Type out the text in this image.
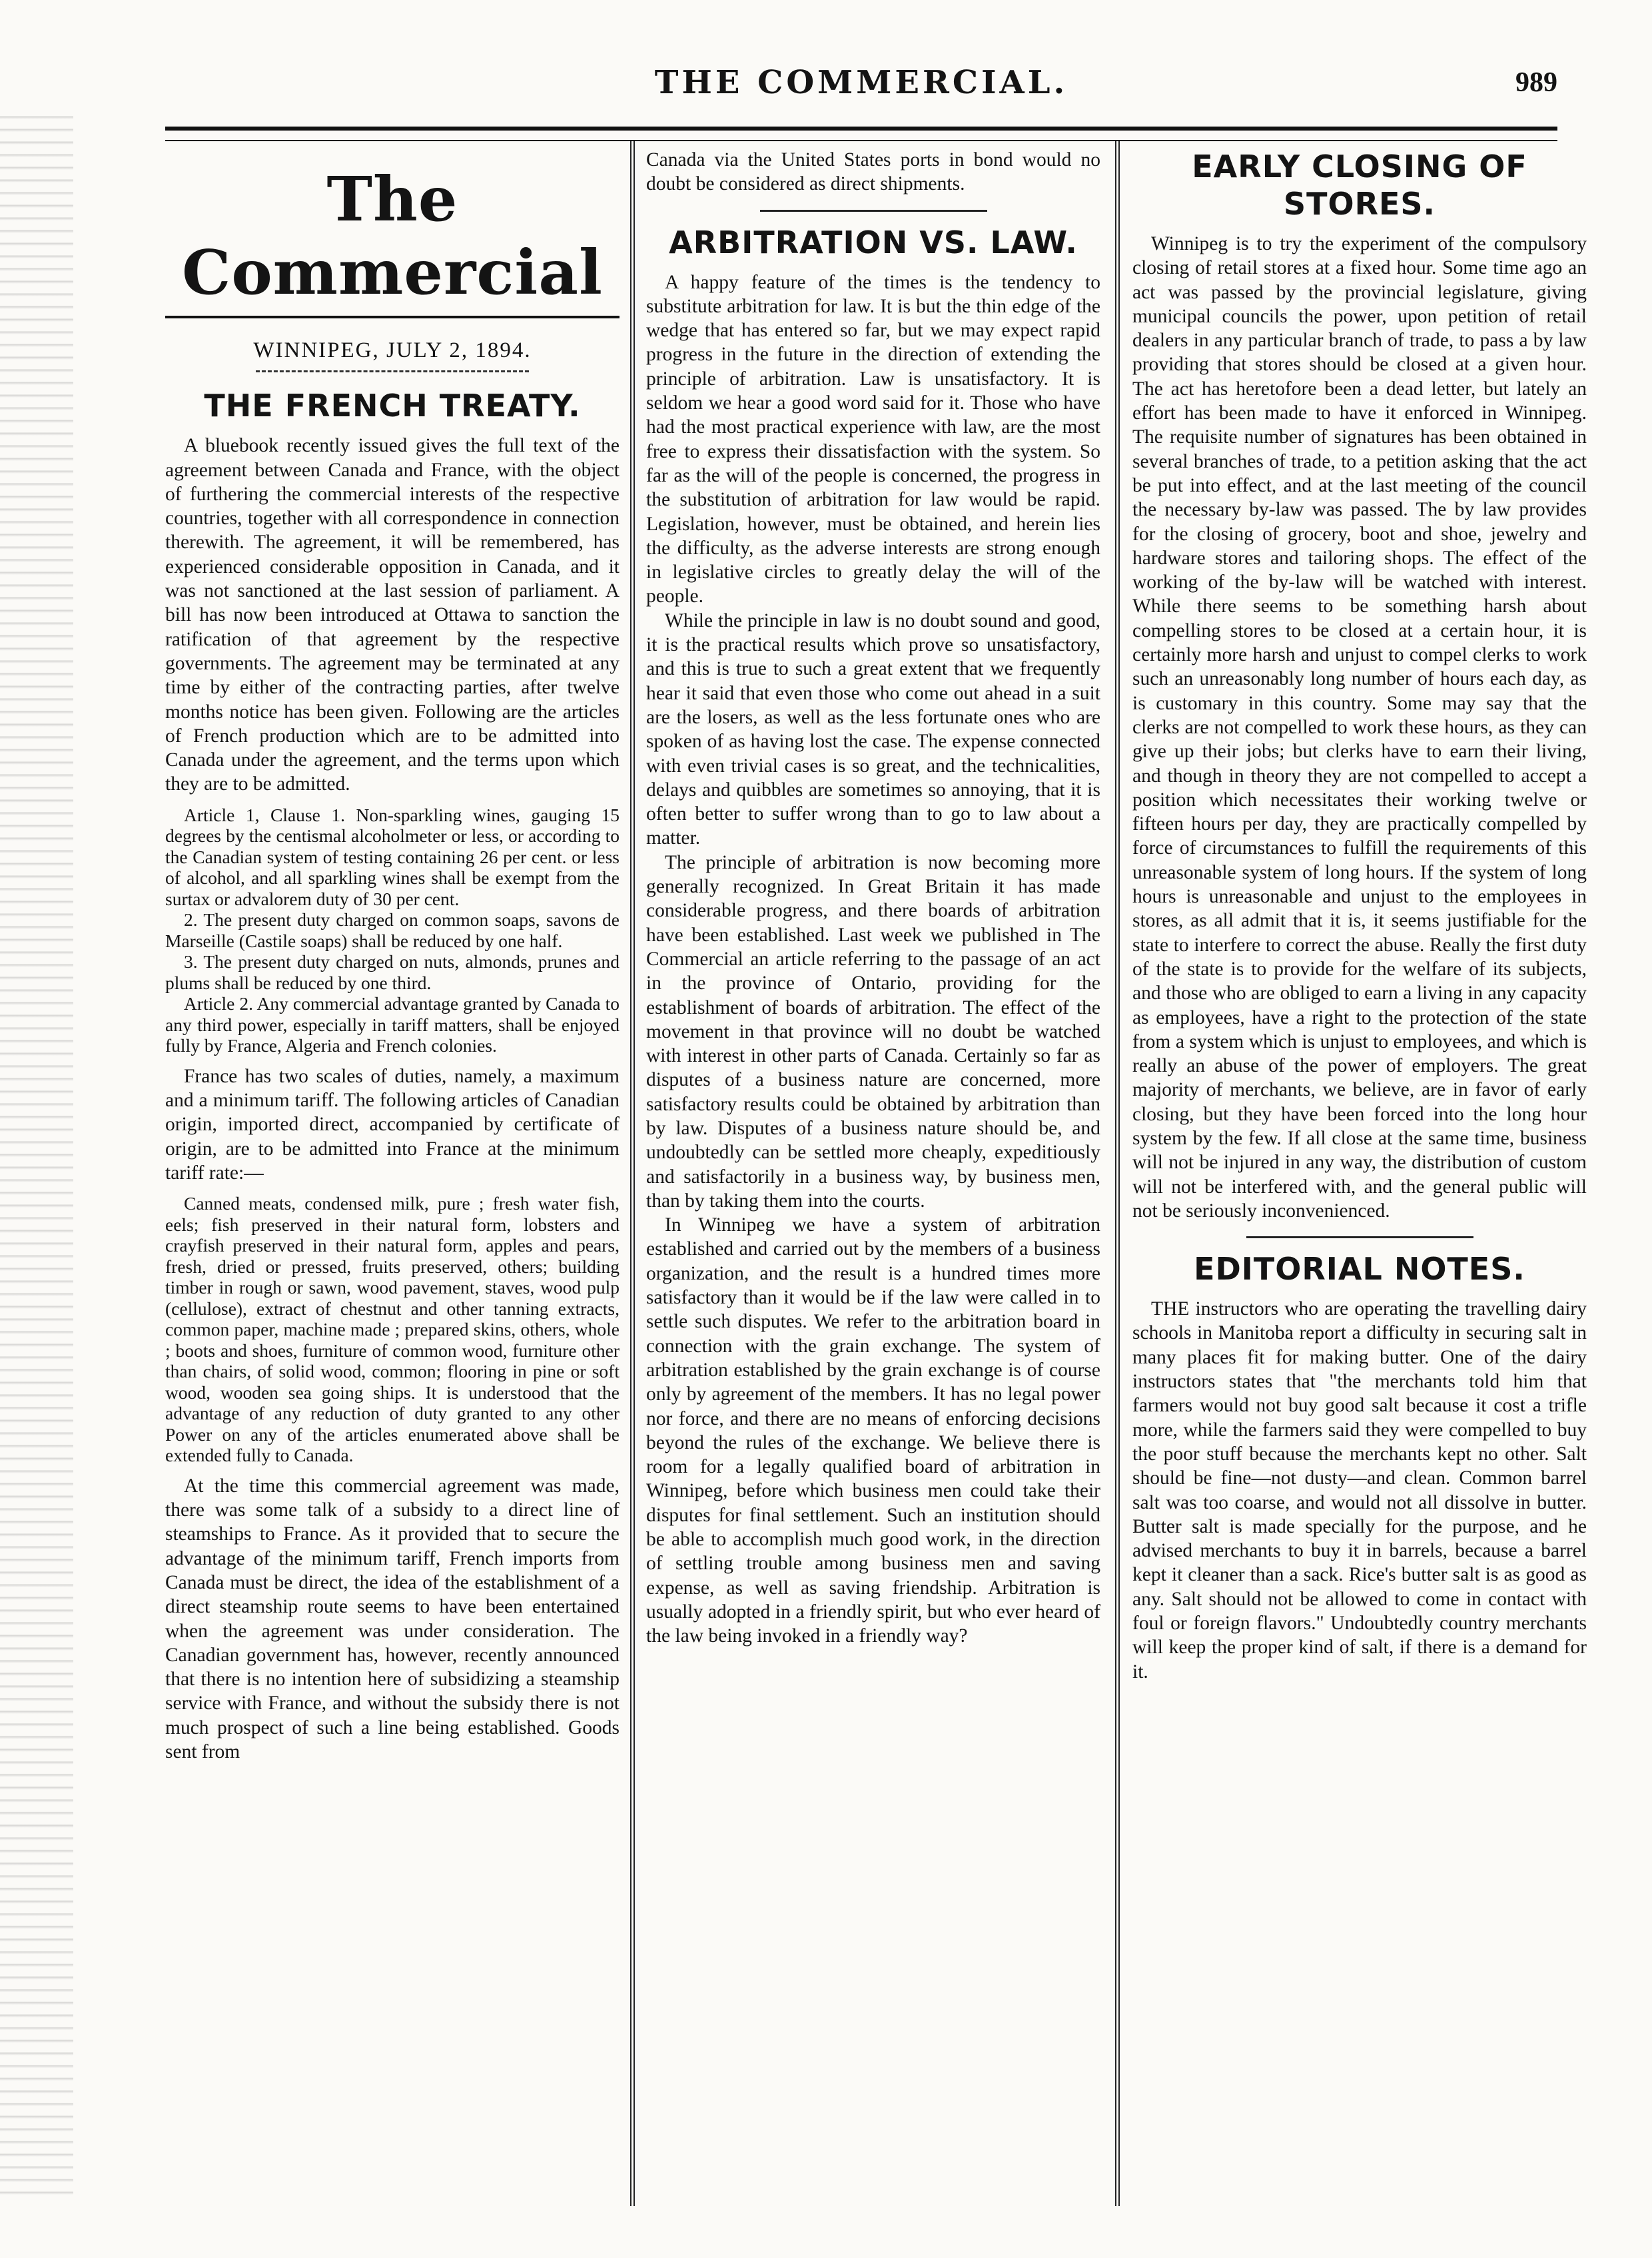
THE COMMERCIAL.	989
The Commercial
WINNIPEG, JULY 2, 1894.
THE FRENCH TREATY.

A bluebook recently issued gives the full text of the agreement between Canada and France, with the object of furthering the commercial interests of the respective countries, together with all correspondence in connection therewith. The agreement, it will be remembered, has experienced considerable opposition in Canada, and it was not sanctioned at the last session of parliament. A bill has now been introduced at Ottawa to sanction the ratification of that agreement by the respective governments. The agreement may be terminated at any time by either of the contracting parties, after twelve months notice has been given. Following are the articles of French production which are to be admitted into Canada under the agreement, and the terms upon which they are to be admitted.

Article 1, Clause 1. Non-sparkling wines, gauging 15 degrees by the centismal alcoholmeter or less, or according to the Canadian system of testing containing 26 per cent. or less of alcohol, and all sparkling wines shall be exempt from the surtax or advalorem duty of 30 per cent.

2. The present duty charged on common soaps, savons de Marseille (Castile soaps) shall be reduced by one half.

3. The present duty charged on nuts, almonds, prunes and plums shall be reduced by one third.

Article 2. Any commercial advantage granted by Canada to any third power, especially in tariff matters, shall be enjoyed fully by France, Algeria and French colonies.

France has two scales of duties, namely, a maximum and a minimum tariff. The following articles of Canadian origin, imported direct, accompanied by certificate of origin, are to be admitted into France at the minimum tariff rate:—

Canned meats, condensed milk, pure ; fresh water fish, eels; fish preserved in their natural form, lobsters and crayfish preserved in their natural form, apples and pears, fresh, dried or pressed, fruits preserved, others; building timber in rough or sawn, wood pavement, staves, wood pulp (cellulose), extract of chestnut and other tanning extracts, common paper, machine made ; prepared skins, others, whole ; boots and shoes, furniture of common wood, furniture other than chairs, of solid wood, common; flooring in pine or soft wood, wooden sea going ships. It is understood that the advantage of any reduction of duty granted to any other Power on any of the articles enumerated above shall be extended fully to Canada.

At the time this commercial agreement was made, there was some talk of a subsidy to a direct line of steamships to France. As it provided that to secure the advantage of the minimum tariff, French imports from Canada must be direct, the idea of the establishment of a direct steamship route seems to have been entertained when the agreement was under consideration. The Canadian government has, however, recently announced that there is no intention here of subsidizing a steamship service with France, and without the subsidy there is not much prospect of such a line being established. Goods sent from

Canada via the United States ports in bond would no doubt be considered as direct shipments.

ARBITRATION VS. LAW.

A happy feature of the times is the tendency to substitute arbitration for law. It is but the thin edge of the wedge that has entered so far, but we may expect rapid progress in the future in the direction of extending the principle of arbitration. Law is unsatisfactory. It is seldom we hear a good word said for it. Those who have had the most practical experience with law, are the most free to express their dissatisfaction with the system. So far as the will of the people is concerned, the progress in the substitution of arbitration for law would be rapid. Legislation, however, must be obtained, and herein lies the difficulty, as the adverse interests are strong enough in legislative circles to greatly delay the will of the people.

While the principle in law is no doubt sound and good, it is the practical results which prove so unsatisfactory, and this is true to such a great extent that we frequently hear it said that even those who come out ahead in a suit are the losers, as well as the less fortunate ones who are spoken of as having lost the case. The expense connected with even trivial cases is so great, and the technicalities, delays and quibbles are sometimes so annoying, that it is often better to suffer wrong than to go to law about a matter.

The principle of arbitration is now becoming more generally recognized. In Great Britain it has made considerable progress, and there boards of arbitration have been established. Last week we published in The Commercial an article referring to the passage of an act in the province of Ontario, providing for the establishment of boards of arbitration. The effect of the movement in that province will no doubt be watched with interest in other parts of Canada. Certainly so far as disputes of a business nature are concerned, more satisfactory results could be obtained by arbitration than by law. Disputes of a business nature should be, and undoubtedly can be settled more cheaply, expeditiously and satisfactorily in a business way, by business men, than by taking them into the courts.

In Winnipeg we have a system of arbitration established and carried out by the members of a business organization, and the result is a hundred times more satisfactory than it would be if the law were called in to settle such disputes. We refer to the arbitration board in connection with the grain exchange. The system of arbitration established by the grain exchange is of course only by agreement of the members. It has no legal power nor force, and there are no means of enforcing decisions beyond the rules of the exchange. We believe there is room for a legally qualified board of arbitration in Winnipeg, before which business men could take their disputes for final settlement. Such an institution should be able to accomplish much good work, in the direction of settling trouble among business men and saving expense, as well as saving friendship. Arbitration is usually adopted in a friendly spirit, but who ever heard of the law being invoked in a friendly way?

EARLY CLOSING OF STORES.

Winnipeg is to try the experiment of the compulsory closing of retail stores at a fixed hour. Some time ago an act was passed by the provincial legislature, giving municipal councils the power, upon petition of retail dealers in any particular branch of trade, to pass a by law providing that stores should be closed at a given hour. The act has heretofore been a dead letter, but lately an effort has been made to have it enforced in Winnipeg. The requisite number of signatures has been obtained in several branches of trade, to a petition asking that the act be put into effect, and at the last meeting of the council the necessary by-law was passed. The by law provides for the closing of grocery, boot and shoe, jewelry and hardware stores and tailoring shops. The effect of the working of the by-law will be watched with interest. While there seems to be something harsh about compelling stores to be closed at a certain hour, it is certainly more harsh and unjust to compel clerks to work such an unreasonably long number of hours each day, as is customary in this country. Some may say that the clerks are not compelled to work these hours, as they can give up their jobs; but clerks have to earn their living, and though in theory they are not compelled to accept a position which necessitates their working twelve or fifteen hours per day, they are practically compelled by force of circumstances to fulfill the requirements of this unreasonable system of long hours. If the system of long hours is unreasonable and unjust to the employees in stores, as all admit that it is, it seems justifiable for the state to interfere to correct the abuse. Really the first duty of the state is to provide for the welfare of its subjects, and those who are obliged to earn a living in any capacity as employees, have a right to the protection of the state from a system which is unjust to employees, and which is really an abuse of the power of employers. The great majority of merchants, we believe, are in favor of early closing, but they have been forced into the long hour system by the few. If all close at the same time, business will not be injured in any way, the distribution of custom will not be interfered with, and the general public will not be seriously inconvenienced.

EDITORIAL NOTES.

THE instructors who are operating the travelling dairy schools in Manitoba report a difficulty in securing salt in many places fit for making butter. One of the dairy instructors states that "the merchants told him that farmers would not buy good salt because it cost a trifle more, while the farmers said they were compelled to buy the poor stuff because the merchants kept no other. Salt should be fine—not dusty—and clean. Common barrel salt was too coarse, and would not all dissolve in butter. Butter salt is made specially for the purpose, and he advised merchants to buy it in barrels, because a barrel kept it cleaner than a sack. Rice's butter salt is as good as any. Salt should not be allowed to come in contact with foul or foreign flavors." Undoubtedly country merchants will keep the proper kind of salt, if there is a demand for it.
